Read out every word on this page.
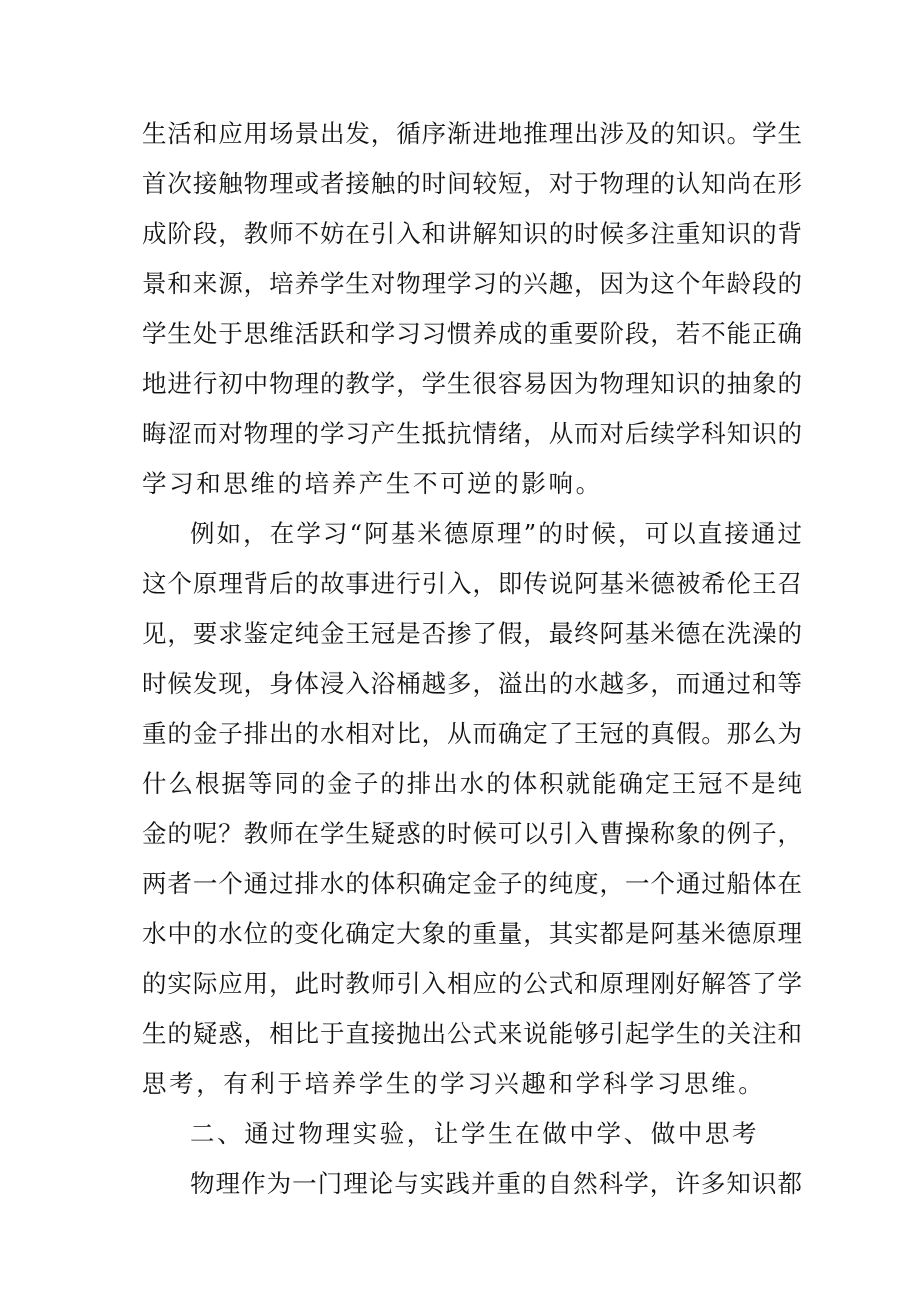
生活和应用场景出发，循序渐进地推理出涉及的知识。学生
首次接触物理或者接触的时间较短，对于物理的认知尚在形
成阶段，教师不妨在引入和讲解知识的时候多注重知识的背
景和来源，培养学生对物理学习的兴趣，因为这个年龄段的
学生处于思维活跃和学习习惯养成的重要阶段，若不能正确
地进行初中物理的教学，学生很容易因为物理知识的抽象的
晦涩而对物理的学习产生抵抗情绪，从而对后续学科知识的
学习和思维的培养产生不可逆的影响。
例如，在学习“阿基米德原理”的时候，可以直接通过
这个原理背后的故事进行引入，即传说阿基米德被希伦王召
见，要求鉴定纯金王冠是否掺了假，最终阿基米德在洗澡的
时候发现，身体浸入浴桶越多，溢出的水越多，而通过和等
重的金子排出的水相对比，从而确定了王冠的真假。那么为
什么根据等同的金子的排出水的体积就能确定王冠不是纯
金的呢？教师在学生疑惑的时候可以引入曹操称象的例子，
两者一个通过排水的体积确定金子的纯度，一个通过船体在
水中的水位的变化确定大象的重量，其实都是阿基米德原理
的实际应用，此时教师引入相应的公式和原理刚好解答了学
生的疑惑，相比于直接抛出公式来说能够引起学生的关注和
思考，有利于培养学生的学习兴趣和学科学习思维。
二、通过物理实验，让学生在做中学、做中思考
物理作为一门理论与实践并重的自然科学，许多知识都
